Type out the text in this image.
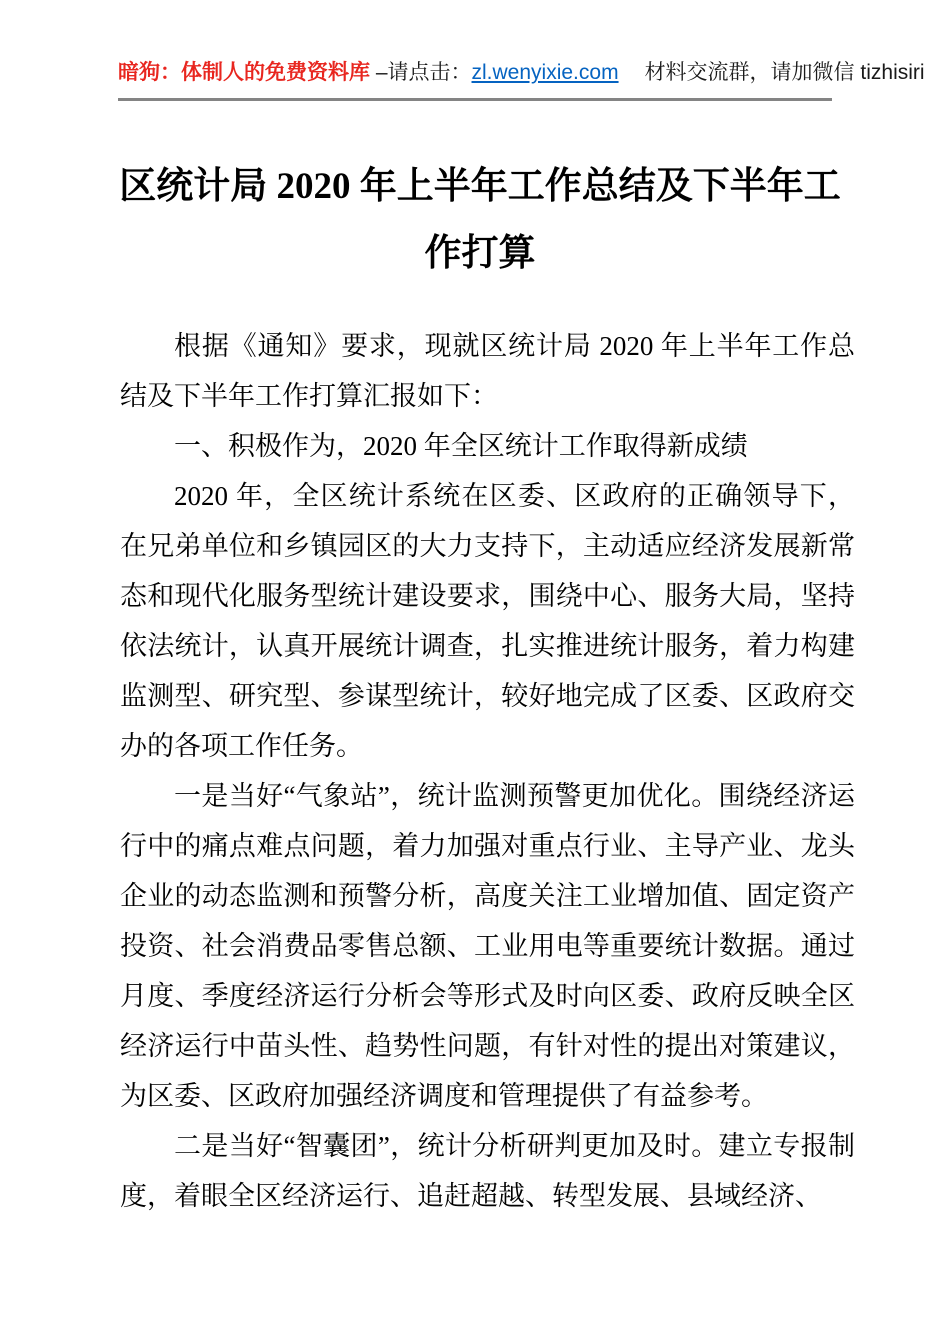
暗狗：体制人的免费资料库 –请点击：zl.wenyixie.com 材料交流群，请加微信 tizhisiri
区统计局 2020 年上半年工作总结及下半年工作打算

根据《通知》要求，现就区统计局 2020 年上半年工作总结及下半年工作打算汇报如下：

一、积极作为，2020 年全区统计工作取得新成绩

2020 年，全区统计系统在区委、区政府的正确领导下，在兄弟单位和乡镇园区的大力支持下，主动适应经济发展新常态和现代化服务型统计建设要求，围绕中心、服务大局，坚持依法统计，认真开展统计调查，扎实推进统计服务，着力构建监测型、研究型、参谋型统计，较好地完成了区委、区政府交办的各项工作任务。

一是当好“气象站”，统计监测预警更加优化。围绕经济运行中的痛点难点问题，着力加强对重点行业、主导产业、龙头企业的动态监测和预警分析，高度关注工业增加值、固定资产投资、社会消费品零售总额、工业用电等重要统计数据。通过月度、季度经济运行分析会等形式及时向区委、政府反映全区经济运行中苗头性、趋势性问题，有针对性的提出对策建议，为区委、区政府加强经济调度和管理提供了有益参考。

二是当好“智囊团”，统计分析研判更加及时。建立专报制度，着眼全区经济运行、追赶超越、转型发展、县域经济、
